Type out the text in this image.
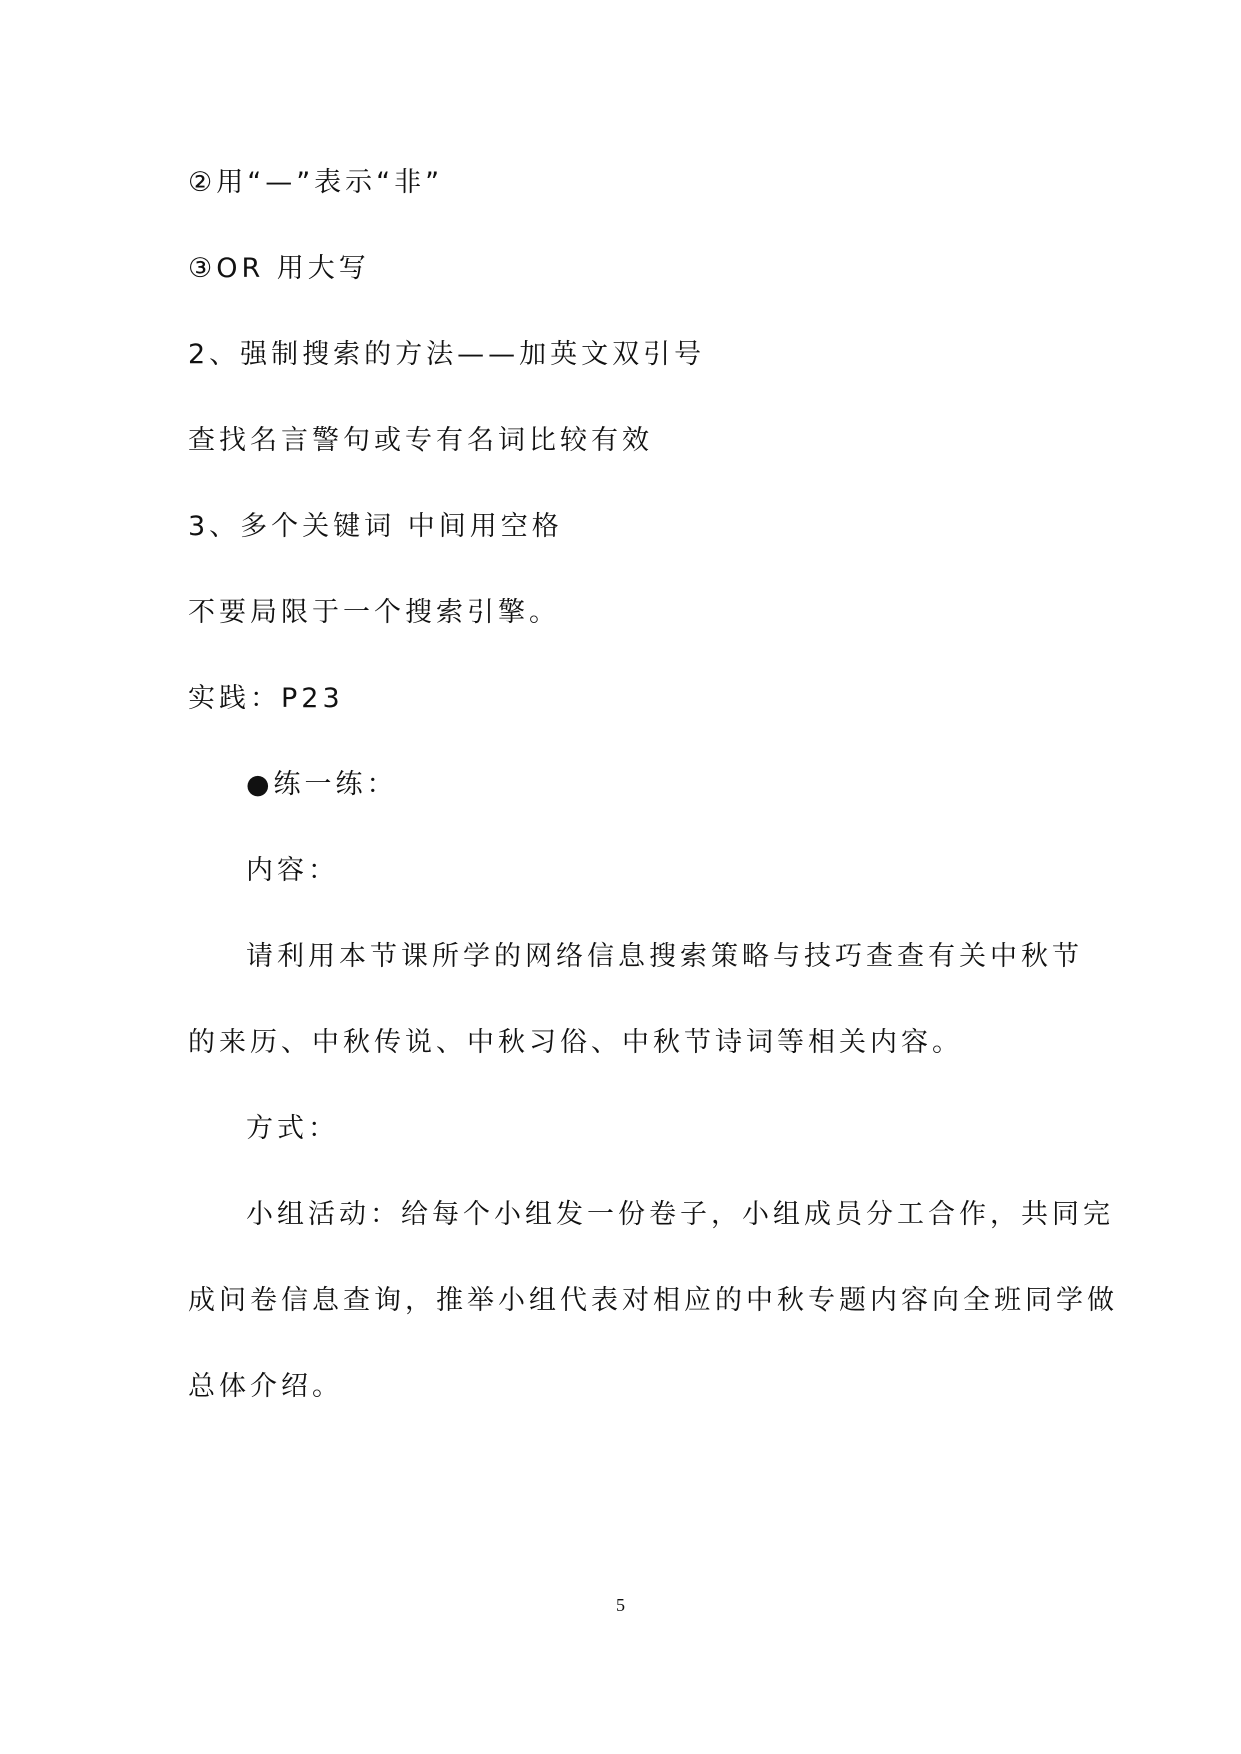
②用“—”表示“非”
③OR 用大写
2、强制搜索的方法——加英文双引号
查找名言警句或专有名词比较有效
3、多个关键词 中间用空格
不要局限于一个搜索引擎。
实践：P23
●练一练：
内容：
请利用本节课所学的网络信息搜索策略与技巧查查有关中秋节
的来历、中秋传说、中秋习俗、中秋节诗词等相关内容。
方式：
小组活动：给每个小组发一份卷子，小组成员分工合作，共同完
成问卷信息查询，推举小组代表对相应的中秋专题内容向全班同学做
总体介绍。
5
